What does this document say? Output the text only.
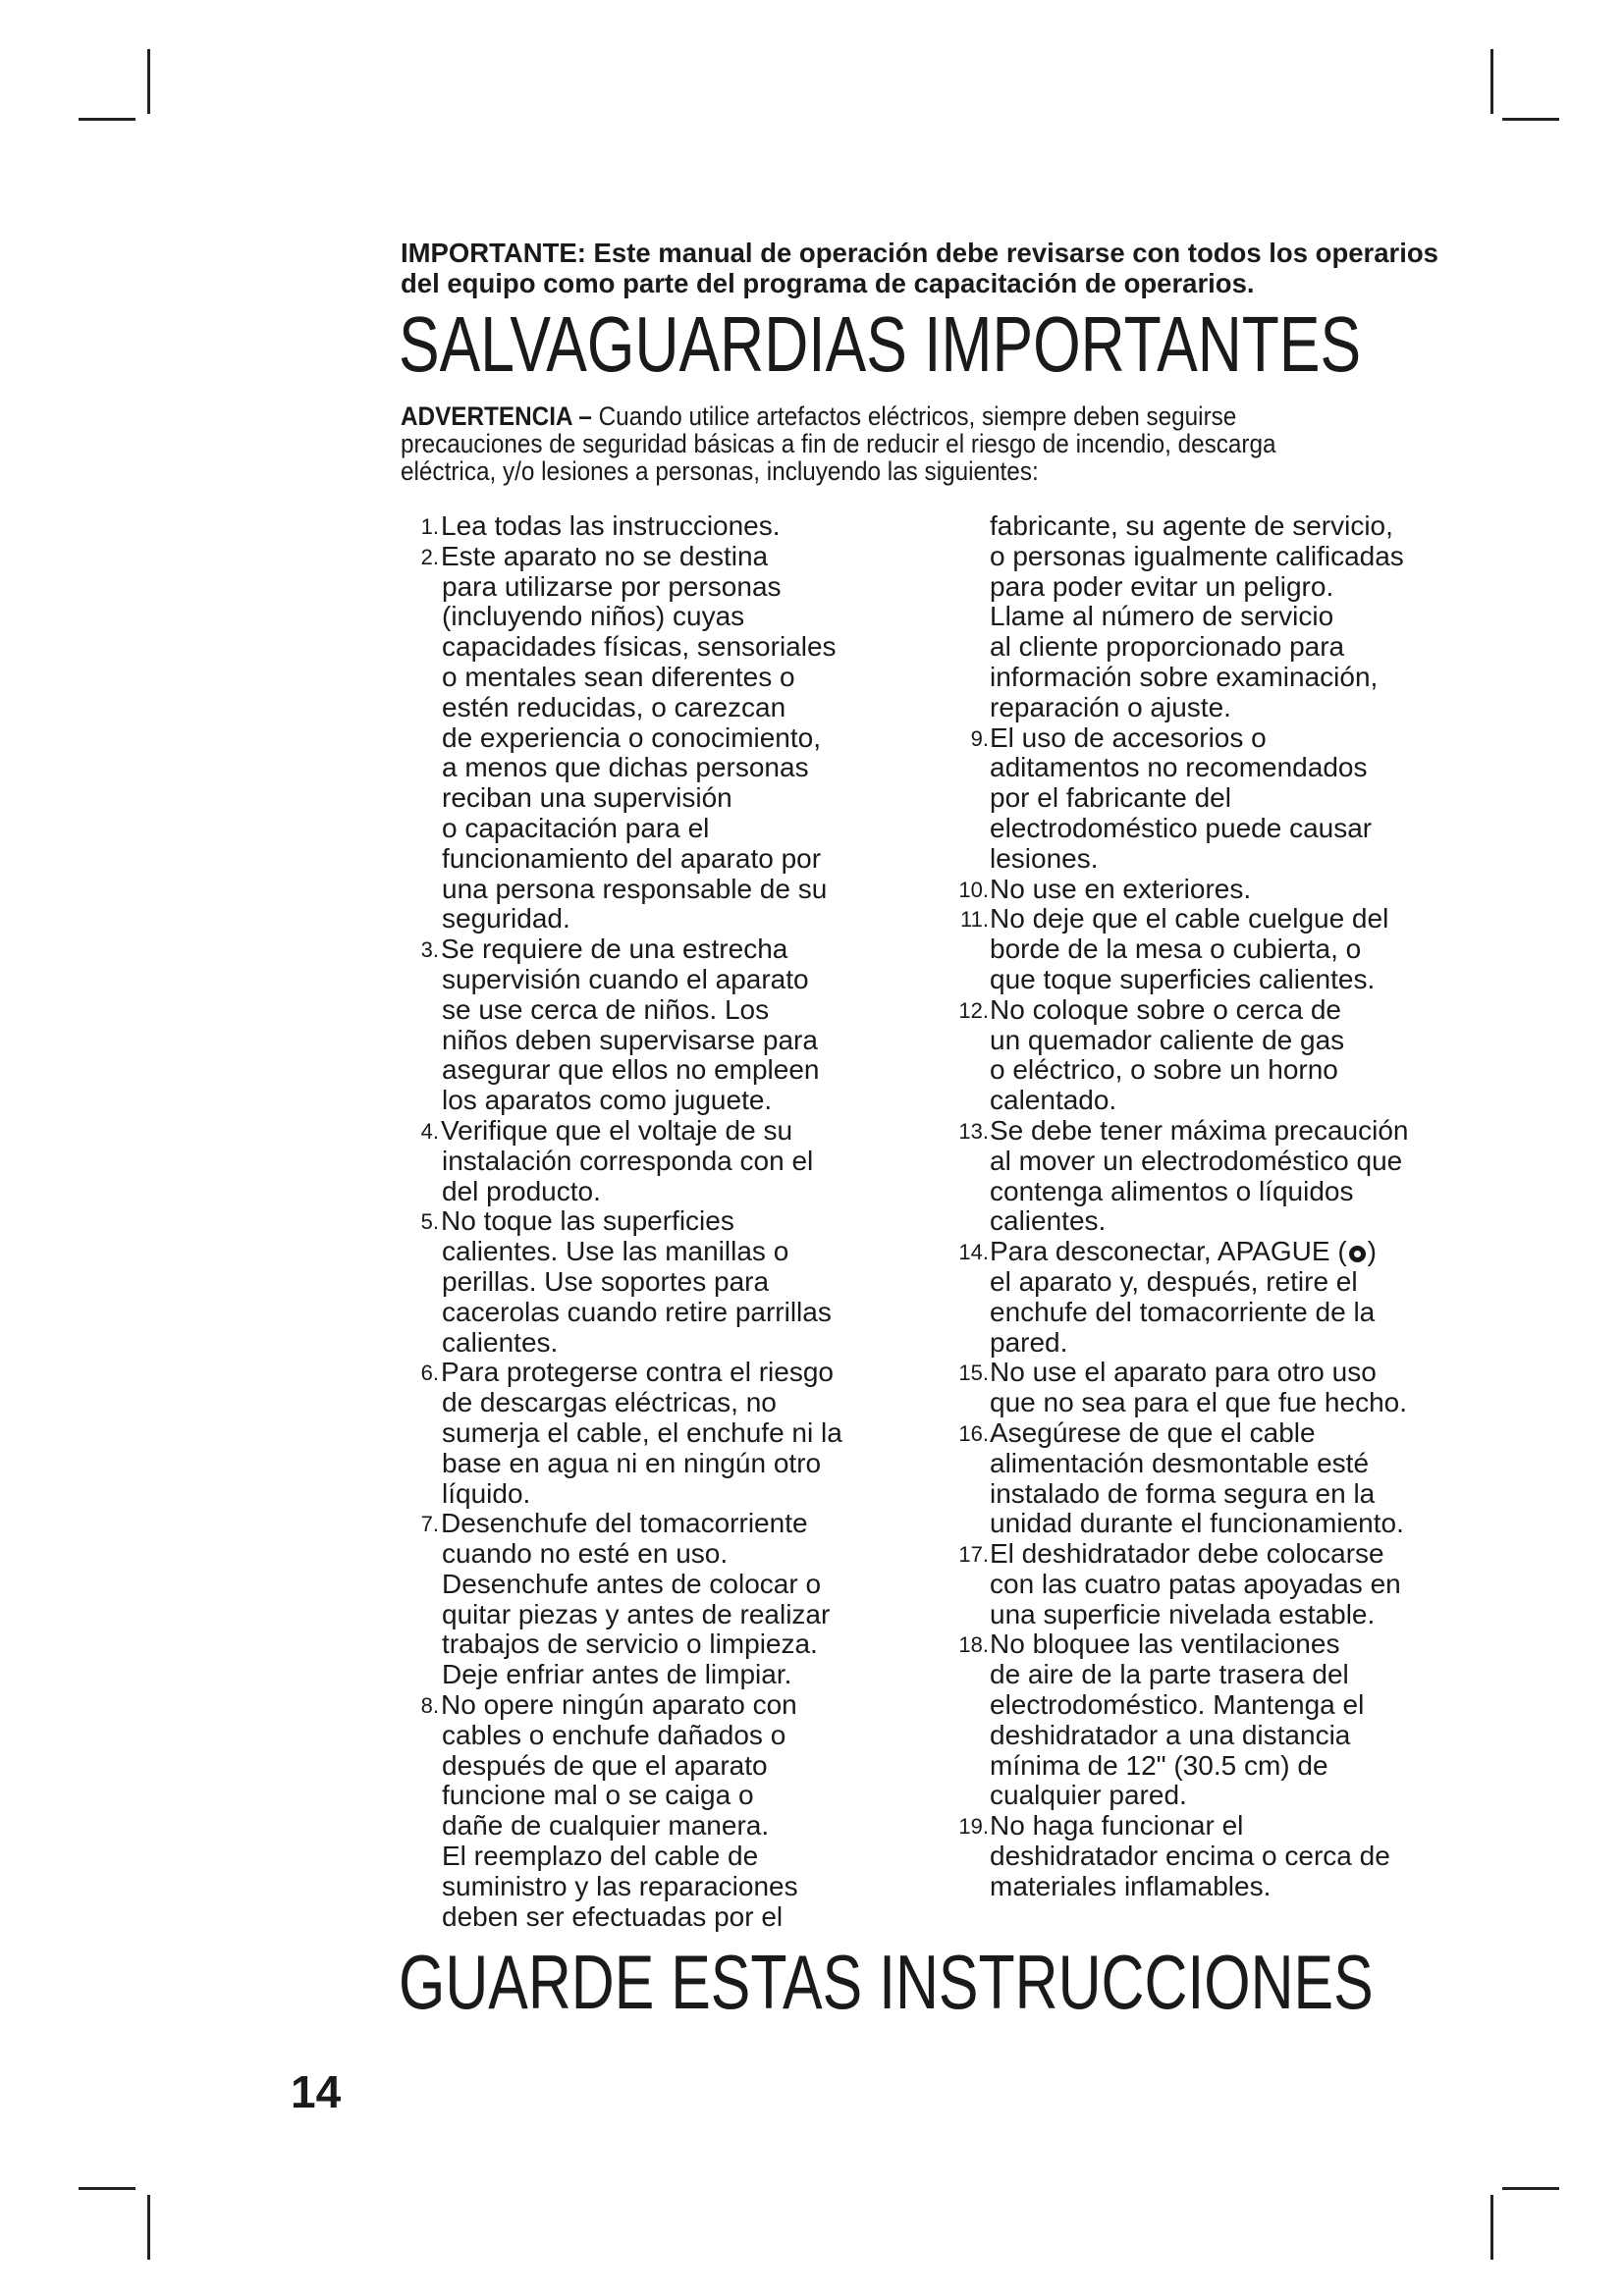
IMPORTANTE: Este manual de operación debe revisarse con todos los operarios del equipo como parte del programa de capacitación de operarios.

SALVAGUARDIAS IMPORTANTES

ADVERTENCIA – Cuando utilice artefactos eléctricos, siempre deben seguirse precauciones de seguridad básicas a fin de reducir el riesgo de incendio, descarga eléctrica, y/o lesiones a personas, incluyendo las siguientes:

1. Lea todas las instrucciones.
2. Este aparato no se destina
para utilizarse por personas
(incluyendo niños) cuyas
capacidades físicas, sensoriales
o mentales sean diferentes o
estén reducidas, o carezcan
de experiencia o conocimiento,
a menos que dichas personas
reciban una supervisión
o capacitación para el
funcionamiento del aparato por
una persona responsable de su
seguridad.
3. Se requiere de una estrecha
supervisión cuando el aparato
se use cerca de niños. Los
niños deben supervisarse para
asegurar que ellos no empleen
los aparatos como juguete.
4. Verifique que el voltaje de su
instalación corresponda con el
del producto.
5. No toque las superficies
calientes. Use las manillas o
perillas. Use soportes para
cacerolas cuando retire parrillas
calientes.
6. Para protegerse contra el riesgo
de descargas eléctricas, no
sumerja el cable, el enchufe ni la
base en agua ni en ningún otro
líquido.
7. Desenchufe del tomacorriente
cuando no esté en uso.
Desenchufe antes de colocar o
quitar piezas y antes de realizar
trabajos de servicio o limpieza.
Deje enfriar antes de limpiar.
8. No opere ningún aparato con
cables o enchufe dañados o
después de que el aparato
funcione mal o se caiga o
dañe de cualquier manera.
El reemplazo del cable de
suministro y las reparaciones
deben ser efectuadas por el
fabricante, su agente de servicio,
o personas igualmente calificadas
para poder evitar un peligro.
Llame al número de servicio
al cliente proporcionado para
información sobre examinación,
reparación o ajuste.
9. El uso de accesorios o
aditamentos no recomendados
por el fabricante del
electrodoméstico puede causar
lesiones.
10. No use en exteriores.
11. No deje que el cable cuelgue del
borde de la mesa o cubierta, o
que toque superficies calientes.
12. No coloque sobre o cerca de
un quemador caliente de gas
o eléctrico, o sobre un horno
calentado.
13. Se debe tener máxima precaución
al mover un electrodoméstico que
contenga alimentos o líquidos
calientes.
14. Para desconectar, APAGUE ( )
el aparato y, después, retire el
enchufe del tomacorriente de la
pared.
15. No use el aparato para otro uso
que no sea para el que fue hecho.
16. Asegúrese de que el cable
alimentación desmontable esté
instalado de forma segura en la
unidad durante el funcionamiento.
17. El deshidratador debe colocarse
con las cuatro patas apoyadas en
una superficie nivelada estable.
18. No bloquee las ventilaciones
de aire de la parte trasera del
electrodoméstico. Mantenga el
deshidratador a una distancia
mínima de 12" (30.5 cm) de
cualquier pared.
19. No haga funcionar el
deshidratador encima o cerca de
materiales inflamables.
GUARDE ESTAS INSTRUCCIONES
14
